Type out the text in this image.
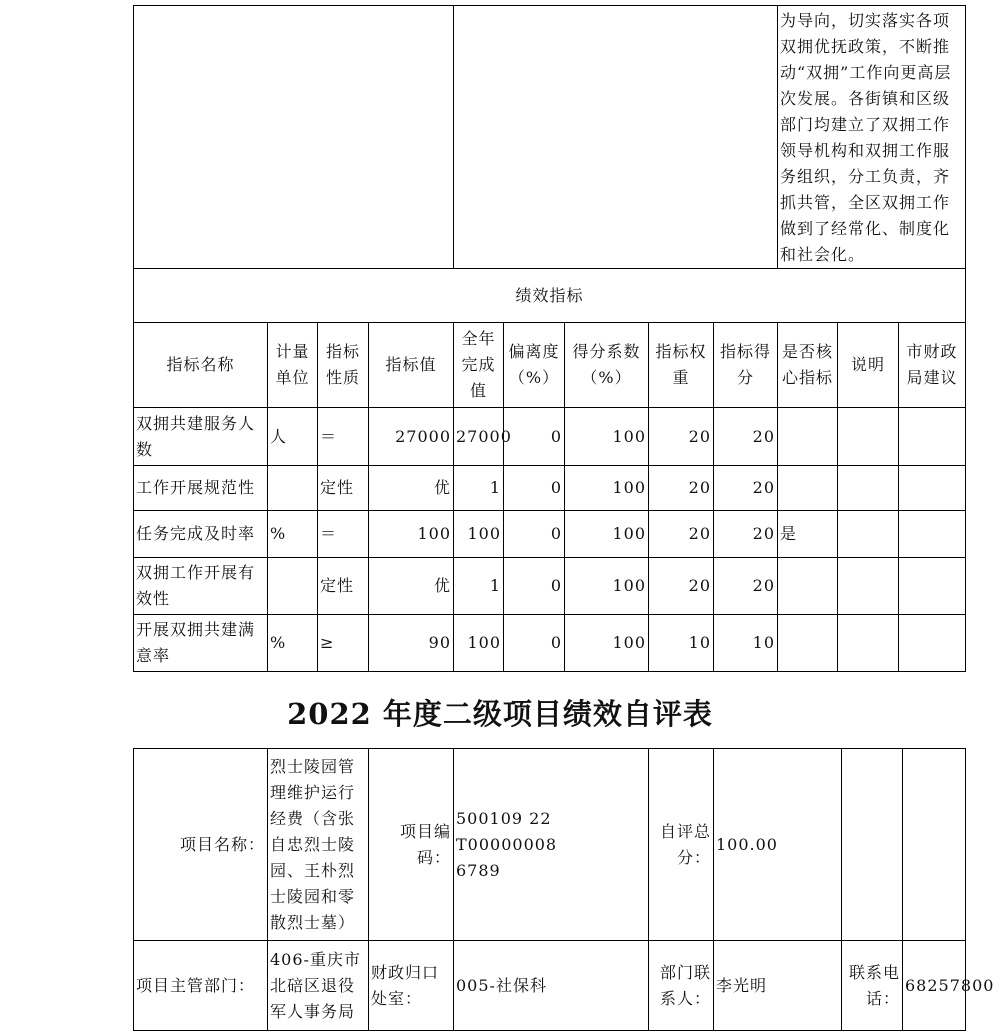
									为导向，切实落实各项双拥优抚政策，不断推动“双拥”工作向更高层次发展。各街镇和区级部门均建立了双拥工作领导机构和双拥工作服务组织，分工负责，齐抓共管，全区双拥工作做到了经常化、制度化和社会化。		
绩效指标											
指标名称	计量单位	指标性质	指标值	全年完成值	偏离度（%）	得分系数（%）	指标权重	指标得分	是否核心指标	说明	市财政局建议
双拥共建服务人数	人	＝	27000	27000	0	100	20	20			
工作开展规范性		定性	优	1	0	100	20	20			
任务完成及时率	%	＝	100	100	0	100	20	20	是		
双拥工作开展有效性		定性	优	1	0	100	20	20			
开展双拥共建满意率	%	≥	90	100	0	100	10	10			
2022 年度二级项目绩效自评表
项目名称：	烈士陵园管理维护运行经费（含张自忠烈士陵园、王朴烈士陵园和零散烈士墓）	项目编码：	500109 22T000000086789	自评总分：	100.00		
项目主管部门：	406-重庆市北碚区退役军人事务局	财政归口处室：	005-社保科	部门联系人：	李光明	联系电话：	68257800
